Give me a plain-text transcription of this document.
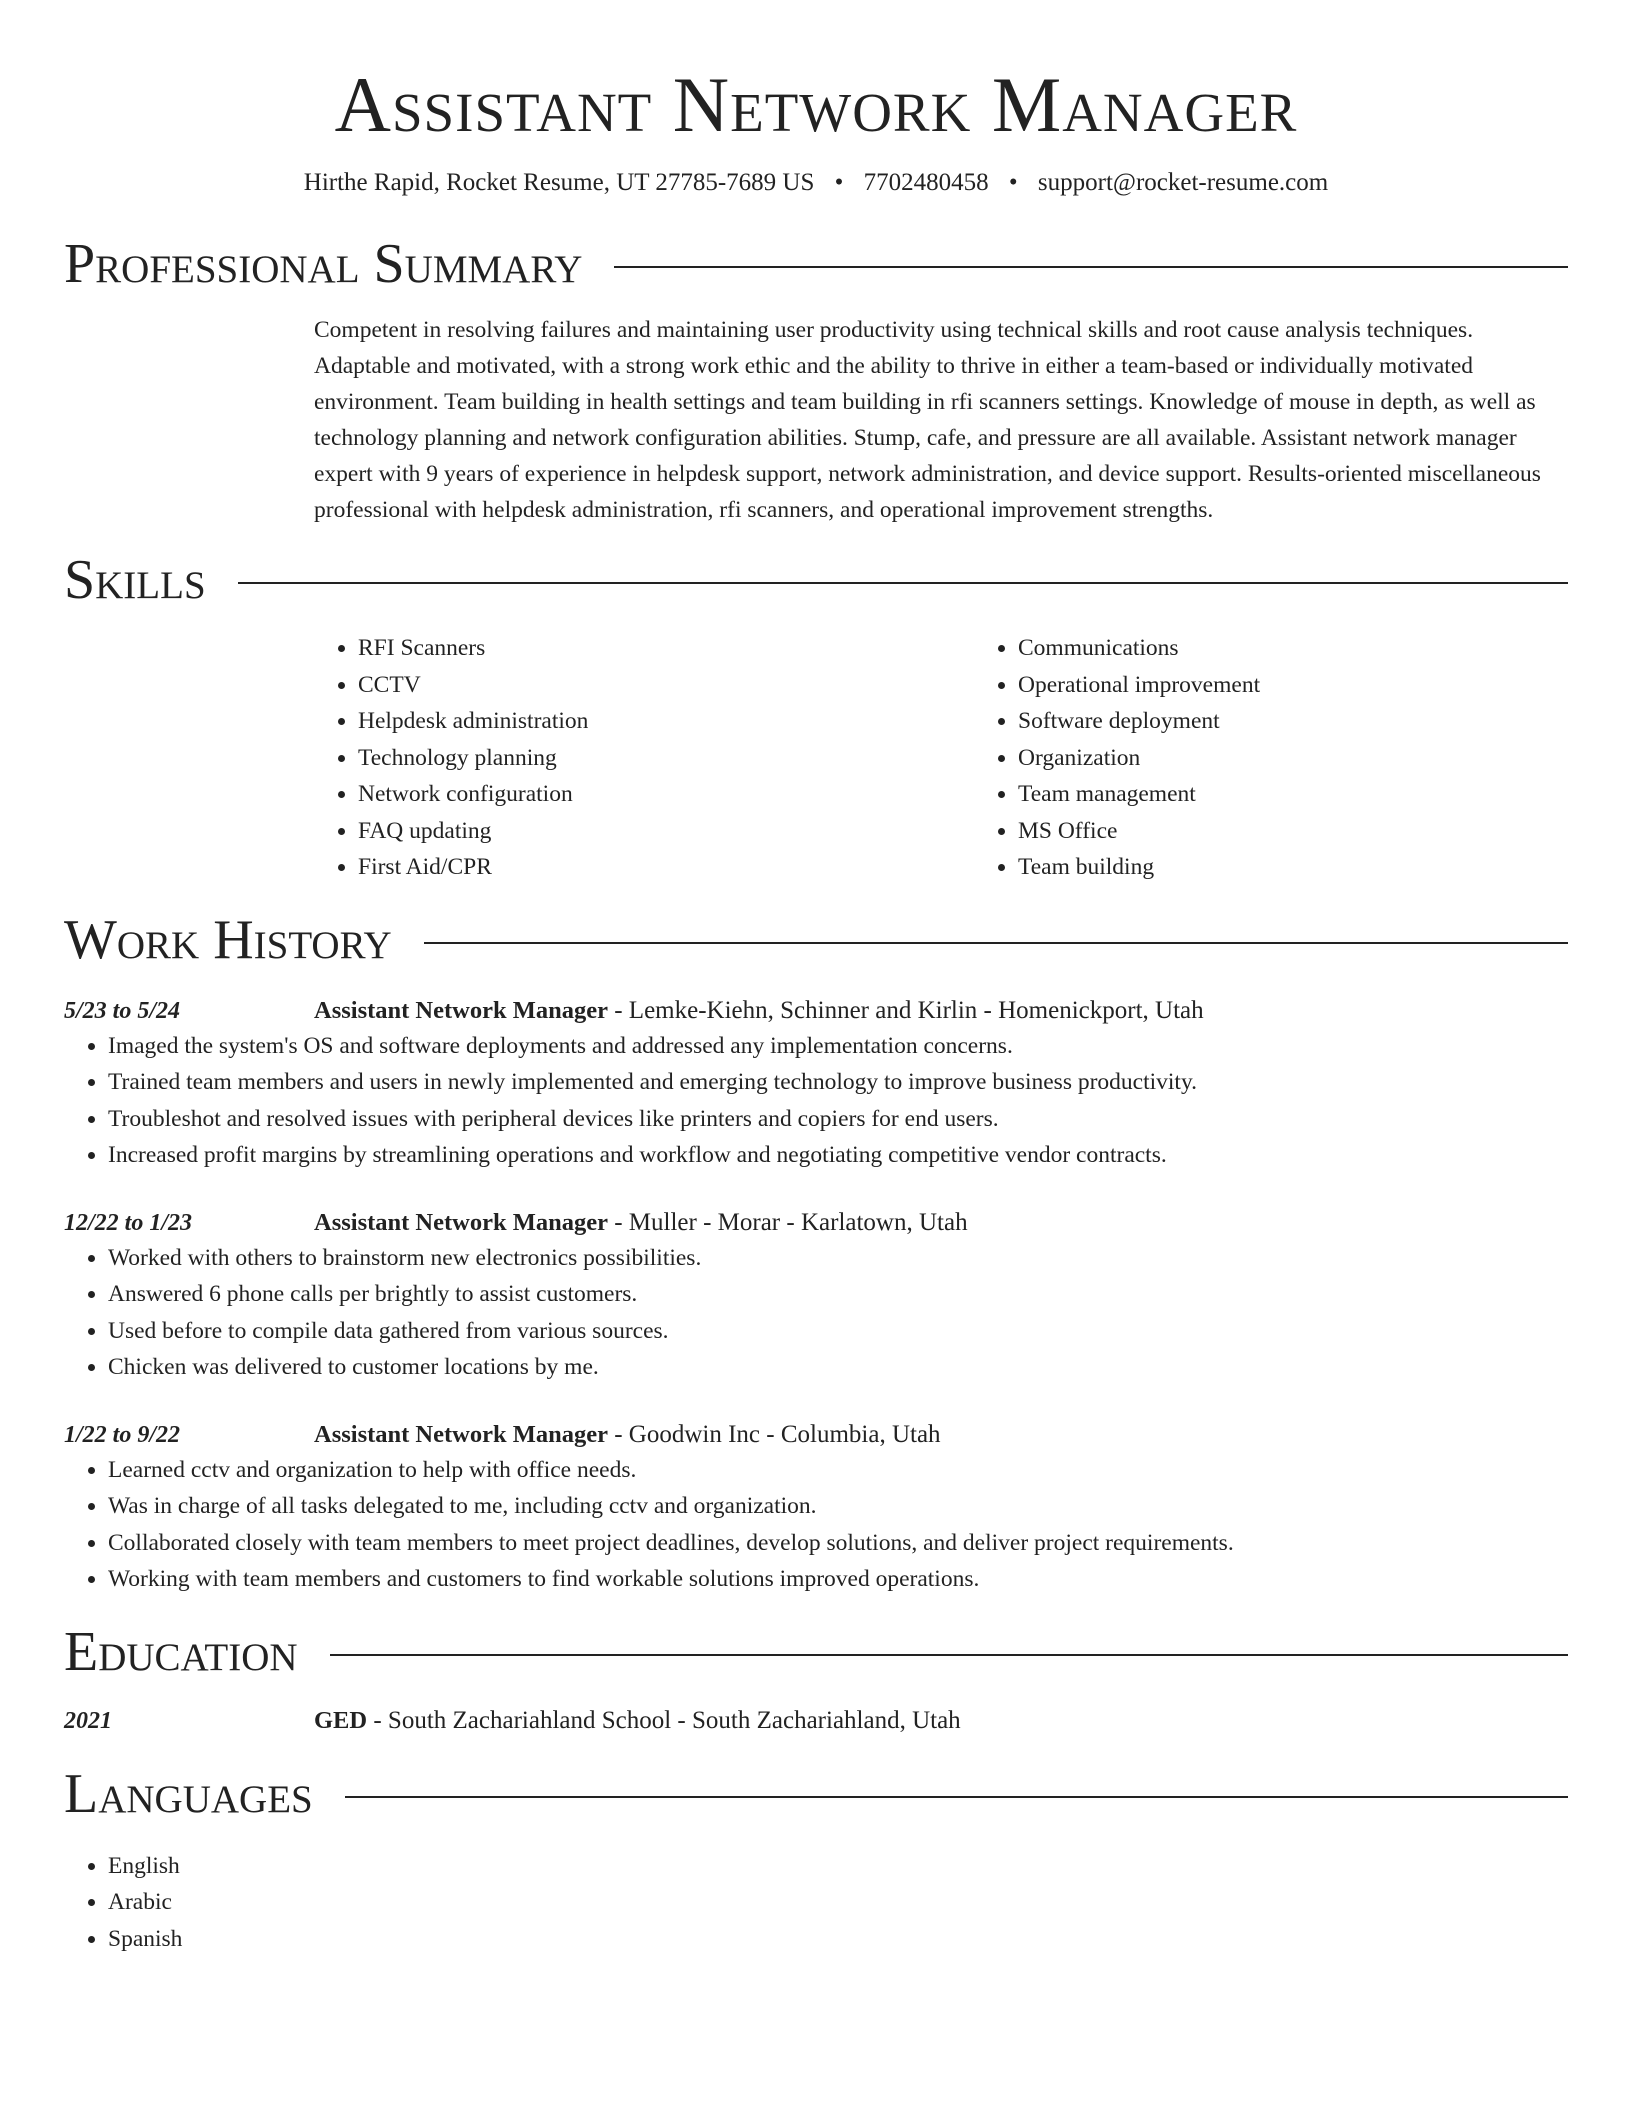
Assistant Network Manager
Hirthe Rapid, Rocket Resume, UT 27785-7689 US • 7702480458 • support@rocket-resume.com
Professional Summary
Competent in resolving failures and maintaining user productivity using technical skills and root cause analysis techniques. Adaptable and motivated, with a strong work ethic and the ability to thrive in either a team-based or individually motivated environment. Team building in health settings and team building in rfi scanners settings. Knowledge of mouse in depth, as well as technology planning and network configuration abilities. Stump, cafe, and pressure are all available. Assistant network manager expert with 9 years of experience in helpdesk support, network administration, and device support. Results-oriented miscellaneous professional with helpdesk administration, rfi scanners, and operational improvement strengths.
Skills
• RFI Scanners
• CCTV
• Helpdesk administration
• Technology planning
• Network configuration
• FAQ updating
• First Aid/CPR
• Communications
• Operational improvement
• Software deployment
• Organization
• Team management
• MS Office
• Team building
Work History
5/23 to 5/24	Assistant Network Manager - Lemke-Kiehn, Schinner and Kirlin - Homenickport, Utah
• Imaged the system's OS and software deployments and addressed any implementation concerns.
• Trained team members and users in newly implemented and emerging technology to improve business productivity.
• Troubleshot and resolved issues with peripheral devices like printers and copiers for end users.
• Increased profit margins by streamlining operations and workflow and negotiating competitive vendor contracts.
12/22 to 1/23	Assistant Network Manager - Muller - Morar - Karlatown, Utah
• Worked with others to brainstorm new electronics possibilities.
• Answered 6 phone calls per brightly to assist customers.
• Used before to compile data gathered from various sources.
• Chicken was delivered to customer locations by me.
1/22 to 9/22	Assistant Network Manager - Goodwin Inc - Columbia, Utah
• Learned cctv and organization to help with office needs.
• Was in charge of all tasks delegated to me, including cctv and organization.
• Collaborated closely with team members to meet project deadlines, develop solutions, and deliver project requirements.
• Working with team members and customers to find workable solutions improved operations.
Education
2021	GED - South Zachariahland School - South Zachariahland, Utah
Languages
• English
• Arabic
• Spanish
